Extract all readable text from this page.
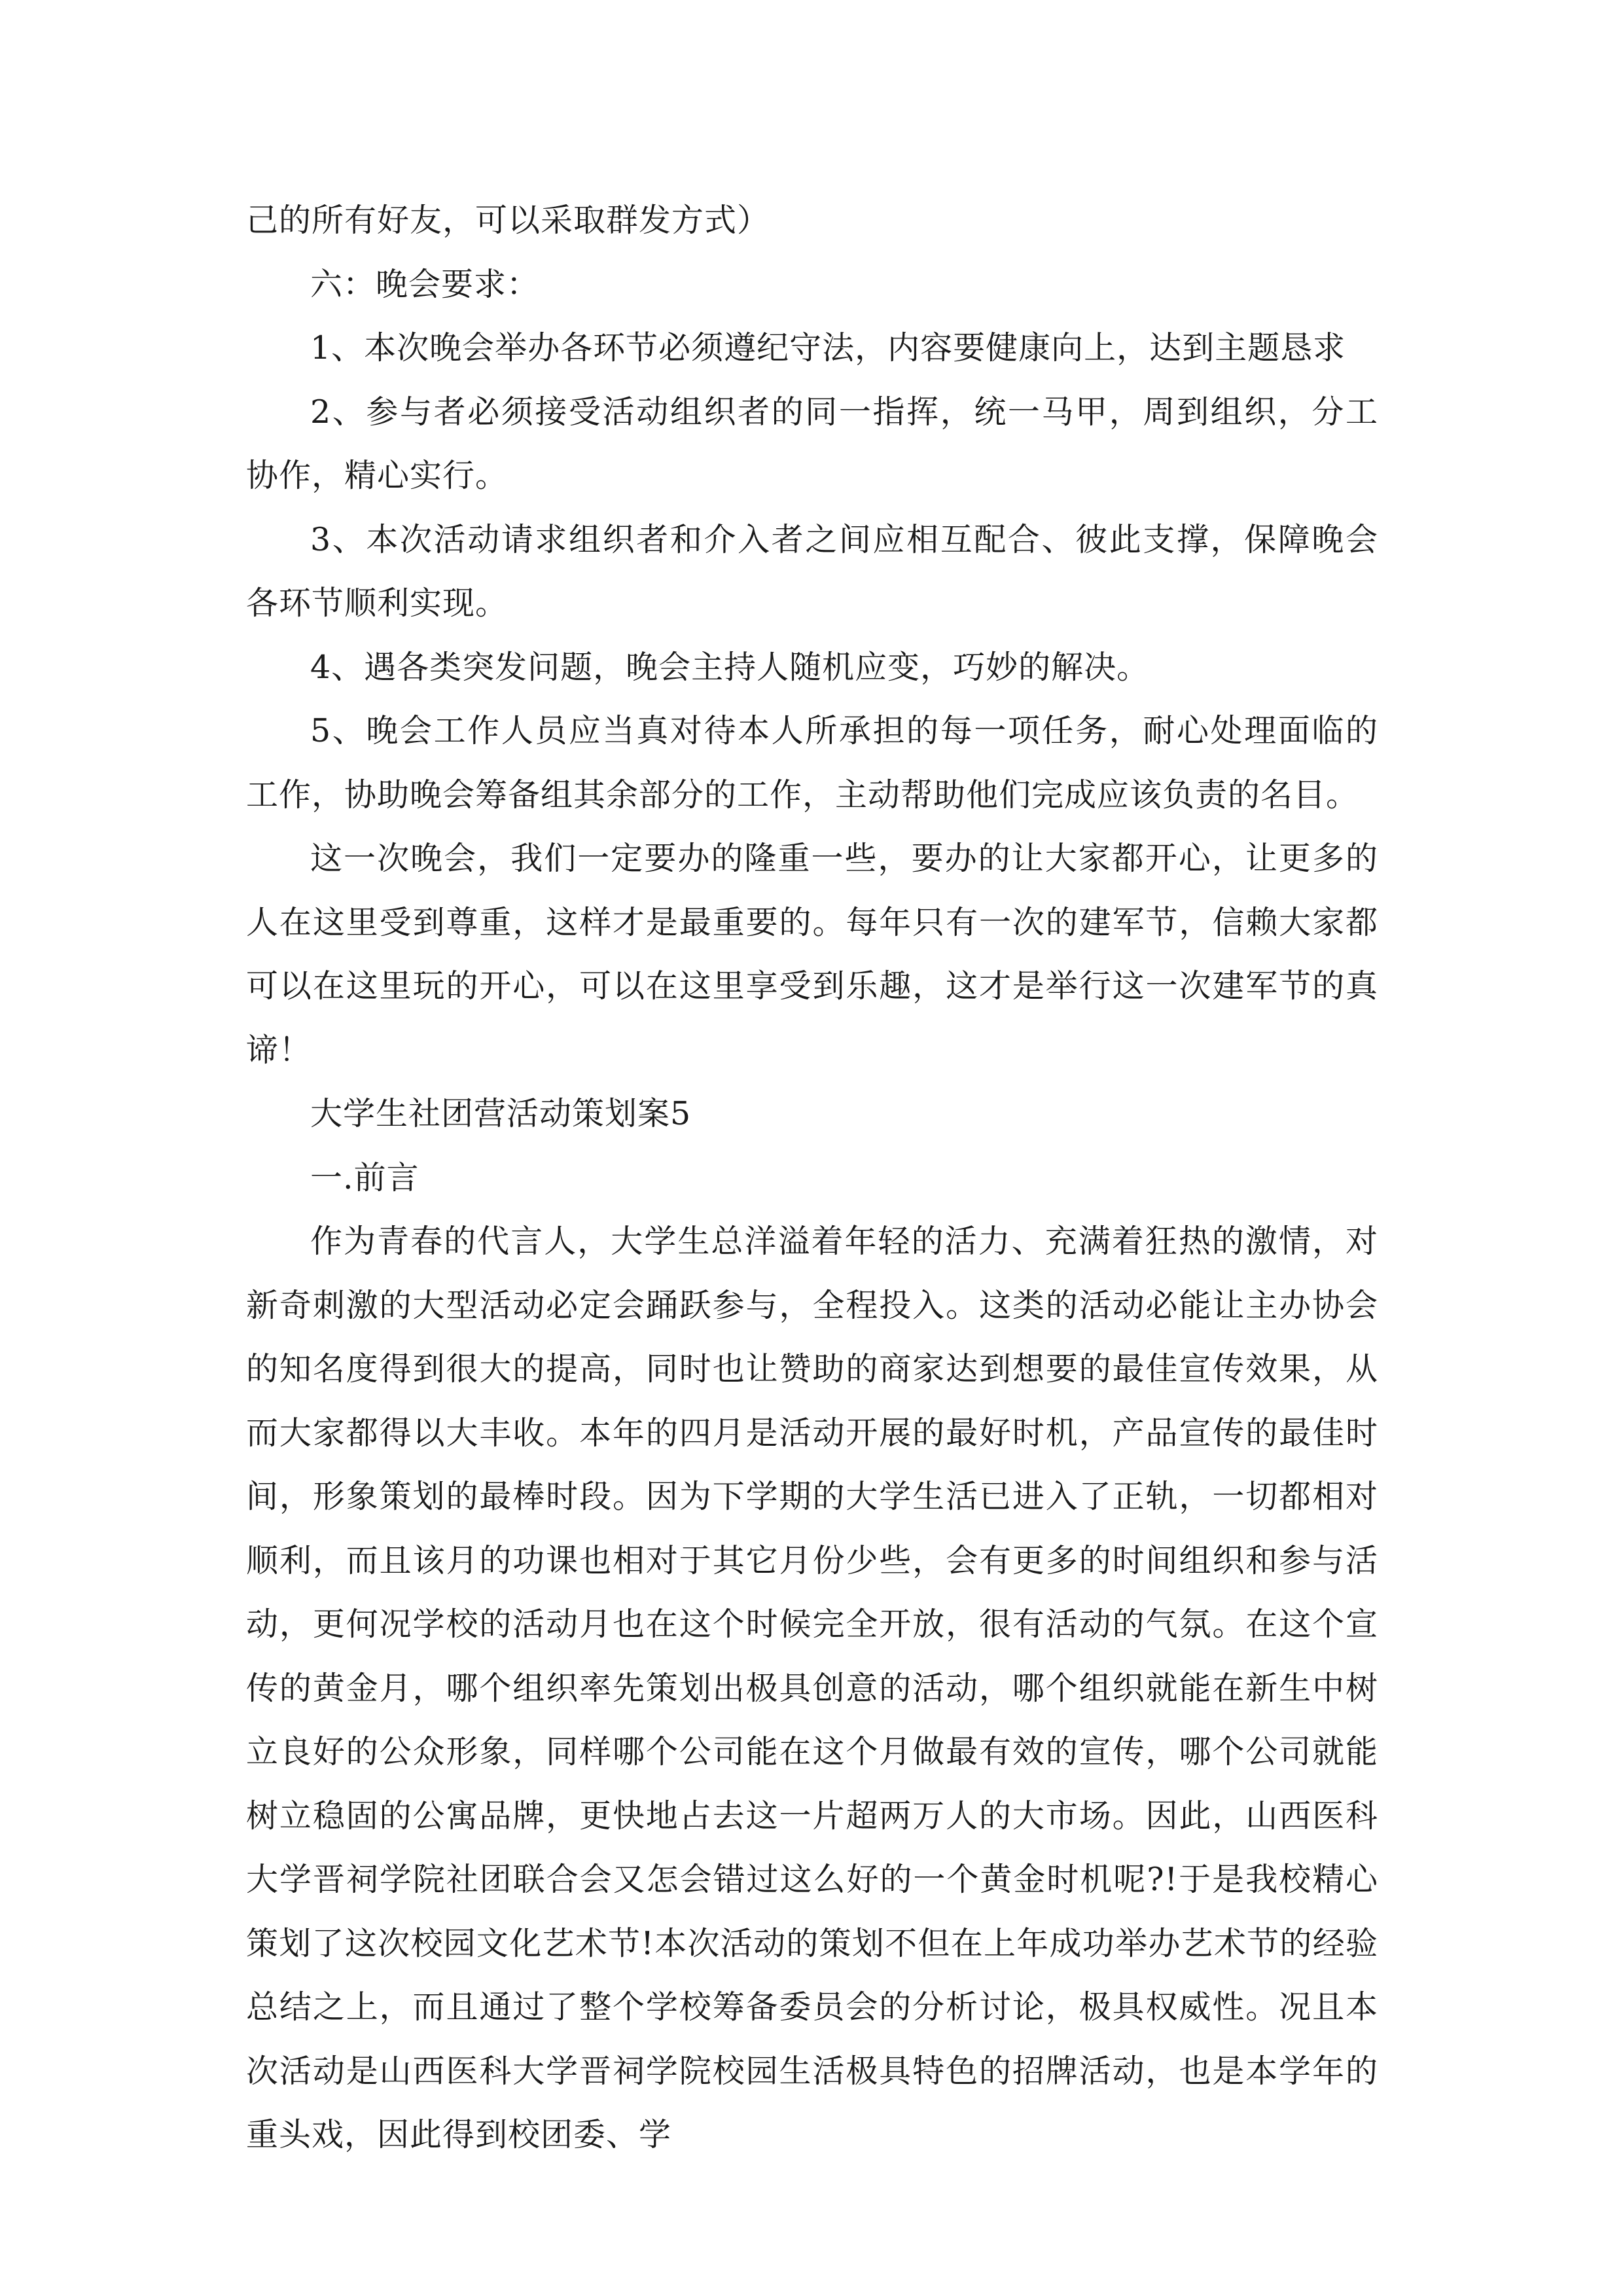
己的所有好友，可以采取群发方式）

六：晚会要求：

1、本次晚会举办各环节必须遵纪守法，内容要健康向上，达到主题恳求

2、参与者必须接受活动组织者的同一指挥，统一马甲，周到组织，分工协作，精心实行。

3、本次活动请求组织者和介入者之间应相互配合、彼此支撑，保障晚会各环节顺利实现。

4、遇各类突发问题，晚会主持人随机应变，巧妙的解决。

5、晚会工作人员应当真对待本人所承担的每一项任务，耐心处理面临的工作，协助晚会筹备组其余部分的工作，主动帮助他们完成应该负责的名目。

这一次晚会，我们一定要办的隆重一些，要办的让大家都开心，让更多的人在这里受到尊重，这样才是最重要的。每年只有一次的建军节，信赖大家都可以在这里玩的开心，可以在这里享受到乐趣，这才是举行这一次建军节的真谛！

大学生社团营活动策划案5

一.前言

作为青春的代言人，大学生总洋溢着年轻的活力、充满着狂热的激情，对新奇刺激的大型活动必定会踊跃参与，全程投入。这类的活动必能让主办协会的知名度得到很大的提高，同时也让赞助的商家达到想要的最佳宣传效果，从而大家都得以大丰收。本年的四月是活动开展的最好时机，产品宣传的最佳时间，形象策划的最棒时段。因为下学期的大学生活已进入了正轨，一切都相对顺利，而且该月的功课也相对于其它月份少些，会有更多的时间组织和参与活动，更何况学校的活动月也在这个时候完全开放，很有活动的气氛。在这个宣传的黄金月，哪个组织率先策划出极具创意的活动，哪个组织就能在新生中树立良好的公众形象，同样哪个公司能在这个月做最有效的宣传，哪个公司就能树立稳固的公寓品牌，更快地占去这一片超两万人的大市场。因此，山西医科大学晋祠学院社团联合会又怎会错过这么好的一个黄金时机呢?!于是我校精心策划了这次校园文化艺术节!本次活动的策划不但在上年成功举办艺术节的经验总结之上，而且通过了整个学校筹备委员会的分析讨论，极具权威性。况且本次活动是山西医科大学晋祠学院校园生活极具特色的招牌活动，也是本学年的重头戏，因此得到校团委、学
